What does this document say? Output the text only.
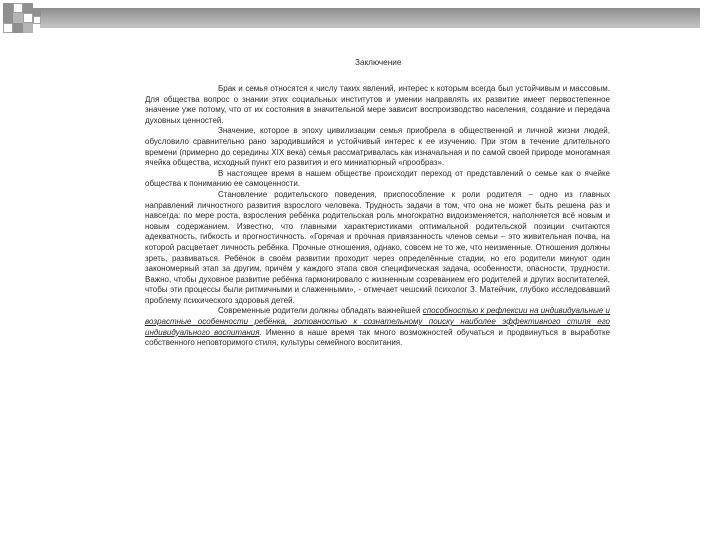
Заключение

Брак и семья относятся к числу таких явлений, интерес к которым всегда был устойчивым и массовым. Для общества вопрос о знании этих социальных институтов и умении направлять их развитие имеет первостепенное значение уже потому, что от их состояния в значительной мере зависит воспроизводство населения, создание и передача духовных ценностей.

Значение, которое в эпоху цивилизации семья приобрела в общественной и личной жизни людей, обусловило сравнительно рано зародившийся и устойчивый интерес к ее изучению. При этом в течение длительного времени (примерно до середины XIX века) семья рассматривалась как изначальная и по самой своей природе моногамная ячейка общества, исходный пункт его развития и его миниатюрный «прообраз».

В настоящее время в нашем обществе происходит переход от представлений о семье как о ячейке общества к пониманию ее самоценности.

Становление родительского поведения, приспособление к роли родителя – одно из главных направлений личностного развития взрослого человека. Трудность задачи в том, что она не может быть решена раз и навсегда: по мере роста, взросления ребёнка родительская роль многократно видоизменяется, наполняется всё новым и новым содержанием. Известно, что главными характеристиками оптимальной родительской позиции считаются адекватность, гибкость и прогностичность. «Горячая и прочная привязанность членов семьи – это живительная почва, на которой расцветает личность ребёнка. Прочные отношения, однако, совсем не то же, что неизменные. Отношения должны зреть, развиваться. Ребёнок в своём развитии проходит через определённые стадии, но его родители минуют один закономерный этап за другим, причём у каждого этапа своя специфическая задача, особенности, опасности, трудности. Важно, чтобы духовное развитие ребёнка гармонировало с жизненным созреванием его родителей и других воспитателей, чтобы эти процессы были ритмичными и слаженными», - отмечает чешский психолог З. Матейчик, глубоко исследовавший проблему психического здоровья детей.

Современные родители должны обладать важнейшей способностью к рефлексии на индивидуальные и возрастные особенности ребёнка, готовностью к сознательному поиску наиболее эффективного стиля его индивидуального воспитания. Именно в наше время так много возможностей обучаться и продвинуться в выработке собственного неповторимого стиля, культуры семейного воспитания.
